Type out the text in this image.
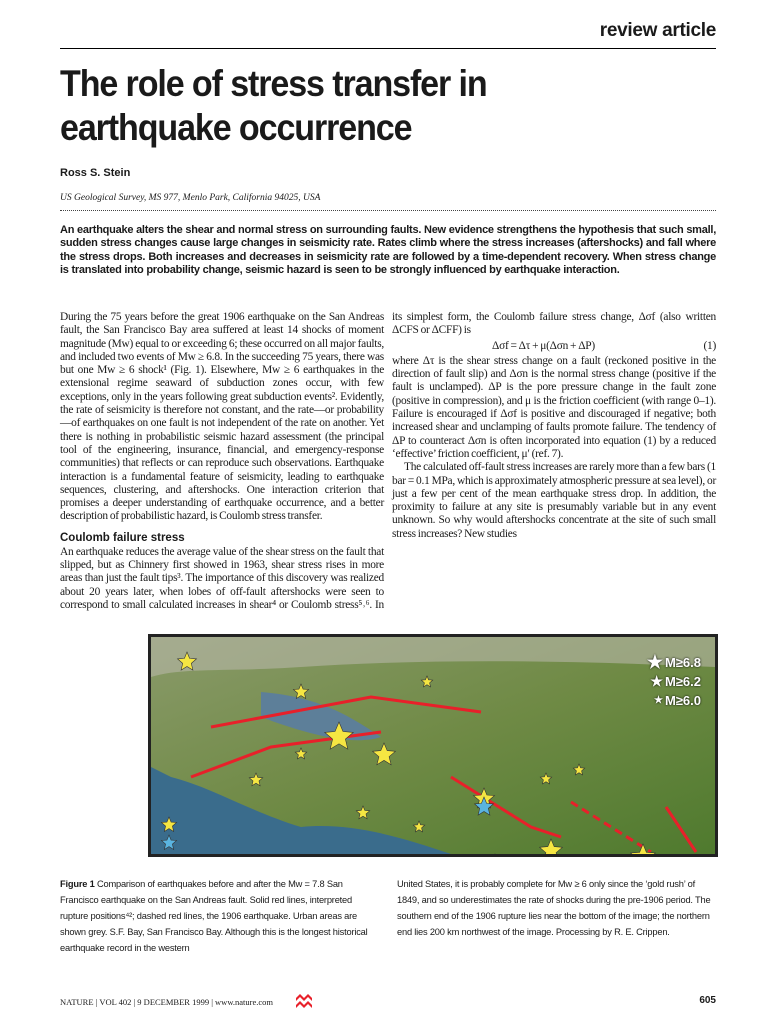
review article
The role of stress transfer in earthquake occurrence
Ross S. Stein
US Geological Survey, MS 977, Menlo Park, California 94025, USA
An earthquake alters the shear and normal stress on surrounding faults. New evidence strengthens the hypothesis that such small, sudden stress changes cause large changes in seismicity rate. Rates climb where the stress increases (aftershocks) and fall where the stress drops. Both increases and decreases in seismicity rate are followed by a time-dependent recovery. When stress change is translated into probability change, seismic hazard is seen to be strongly influenced by earthquake interaction.

During the 75 years before the great 1906 earthquake on the San Andreas fault, the San Francisco Bay area suffered at least 14 shocks of moment magnitude (Mw) equal to or exceeding 6; these occurred on all major faults, and included two events of Mw ≥ 6.8. In the succeeding 75 years, there was but one Mw ≥ 6 shock¹ (Fig. 1). Elsewhere, Mw ≥ 6 earthquakes in the extensional regime seaward of subduction zones occur, with few exceptions, only in the years following great subduction events². Evidently, the rate of seismicity is therefore not constant, and the rate—or probability—of earthquakes on one fault is not independent of the rate on another. Yet there is nothing in probabilistic seismic hazard assessment (the principal tool of the engineering, insurance, financial, and emergency-response communities) that reflects or can reproduce such observations. Earthquake interaction is a fundamental feature of seismicity, leading to earthquake sequences, clustering, and aftershocks. One interaction criterion that promises a deeper understanding of earthquake occurrence, and a better description of probabilistic hazard, is Coulomb stress transfer.

Coulomb failure stress

An earthquake reduces the average value of the shear stress on the fault that slipped, but as Chinnery first showed in 1963, shear stress rises in more areas than just the fault tips³. The importance of this discovery was realized about 20 years later, when lobes of off-fault aftershocks were seen to correspond to small calculated increases in shear⁴ or Coulomb stress⁵˒⁶. In its simplest form, the Coulomb failure stress change, Δσf (also written ΔCFS or ΔCFF) is

Δσf = Δτ + μ(Δσn + ΔP)	(1)

where Δτ is the shear stress change on a fault (reckoned positive in the direction of fault slip) and Δσn is the normal stress change (positive if the fault is unclamped). ΔP is the pore pressure change in the fault zone (positive in compression), and μ is the friction coefficient (with range 0–1). Failure is encouraged if Δσf is positive and discouraged if negative; both increased shear and unclamping of faults promote failure. The tendency of ΔP to counteract Δσn is often incorporated into equation (1) by a reduced ‘effective’ friction coefficient, μ′ (ref. 7).

The calculated off-fault stress increases are rarely more than a few bars (1 bar = 0.1 MPa, which is approximately atmospheric pressure at sea level), or just a few per cent of the mean earthquake stress drop. In addition, the proximity to failure at any site is presumably variable but in any event unknown. So why would aftershocks concentrate at the site of such small stress increases? New studies

★ M≥6.8
★ M≥6.2
★ M≥6.0
Figure 1 Comparison of earthquakes before and after the Mw = 7.8 San Francisco earthquake on the San Andreas fault. Solid red lines, interpreted rupture positions⁴²; dashed red lines, the 1906 earthquake. Urban areas are shown grey. S.F. Bay, San Francisco Bay. Although this is the longest historical earthquake record in the western
United States, it is probably complete for Mw ≥ 6 only since the ‘gold rush’ of 1849, and so underestimates the rate of shocks during the pre-1906 period. The southern end of the 1906 rupture lies near the bottom of the image; the northern end lies 200 km northwest of the image. Processing by R. E. Crippen.
NATURE | VOL 402 | 9 DECEMBER 1999 | www.nature.com	605
